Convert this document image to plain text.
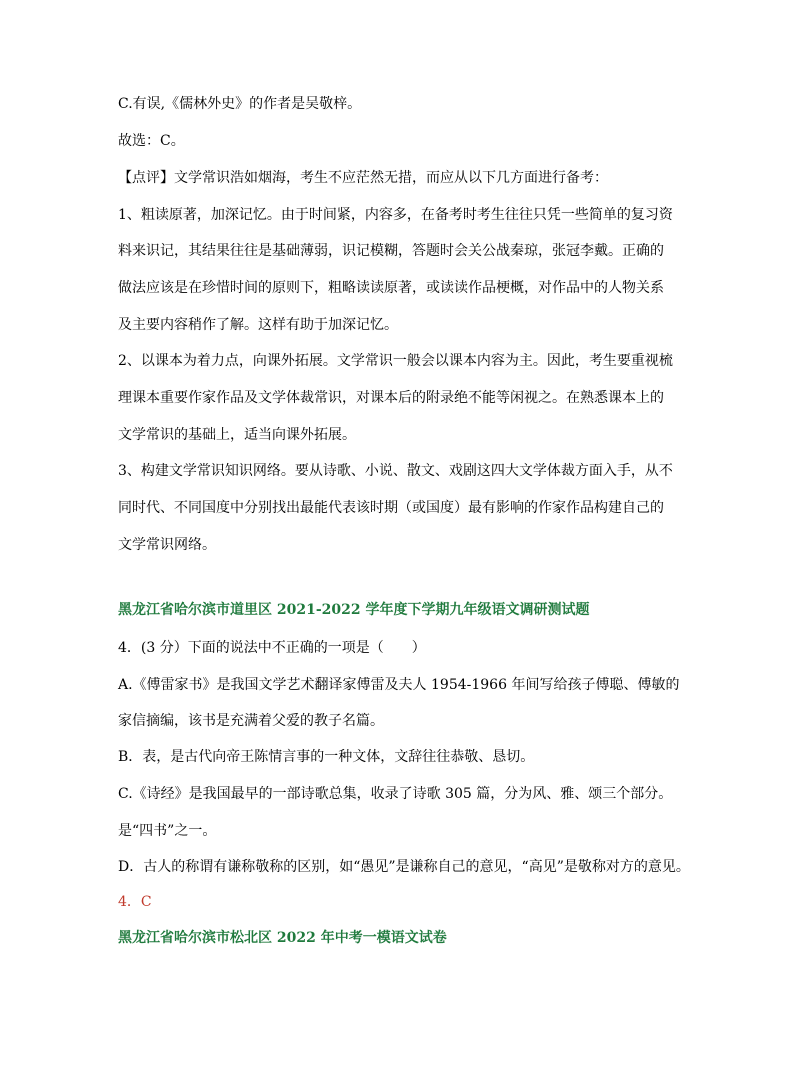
C.有误,《儒林外史》的作者是吴敬梓。
故选：C。
【点评】文学常识浩如烟海，考生不应茫然无措，而应从以下几方面进行备考：
1、粗读原著，加深记忆。由于时间紧，内容多，在备考时考生往往只凭一些简单的复习资
料来识记，其结果往往是基础薄弱，识记模糊，答题时会关公战秦琼，张冠李戴。正确的
做法应该是在珍惜时间的原则下，粗略读读原著，或读读作品梗概，对作品中的人物关系
及主要内容稍作了解。这样有助于加深记忆。
2、以课本为着力点，向课外拓展。文学常识一般会以课本内容为主。因此，考生要重视梳
理课本重要作家作品及文学体裁常识，对课本后的附录绝不能等闲视之。在熟悉课本上的
文学常识的基础上，适当向课外拓展。
3、构建文学常识知识网络。要从诗歌、小说、散文、戏剧这四大文学体裁方面入手，从不
同时代、不同国度中分别找出最能代表该时期（或国度）最有影响的作家作品构建自己的
文学常识网络。
黑龙江省哈尔滨市道里区 2021-2022 学年度下学期九年级语文调研测试题
4．(3 分）下面的说法中不正确的一项是（　　）
A.《傅雷家书》是我国文学艺术翻译家傅雷及夫人 1954-1966 年间写给孩子傅聪、傅敏的
家信摘编，该书是充满着父爱的教子名篇。
B．表，是古代向帝王陈情言事的一种文体，文辞往往恭敬、恳切。
C.《诗经》是我国最早的一部诗歌总集，收录了诗歌 305 篇，分为风、雅、颂三个部分。
是“四书”之一。
D．古人的称谓有谦称敬称的区别，如“愚见”是谦称自己的意见，“高见”是敬称对方的意见。
4．C
黑龙江省哈尔滨市松北区 2022 年中考一模语文试卷
